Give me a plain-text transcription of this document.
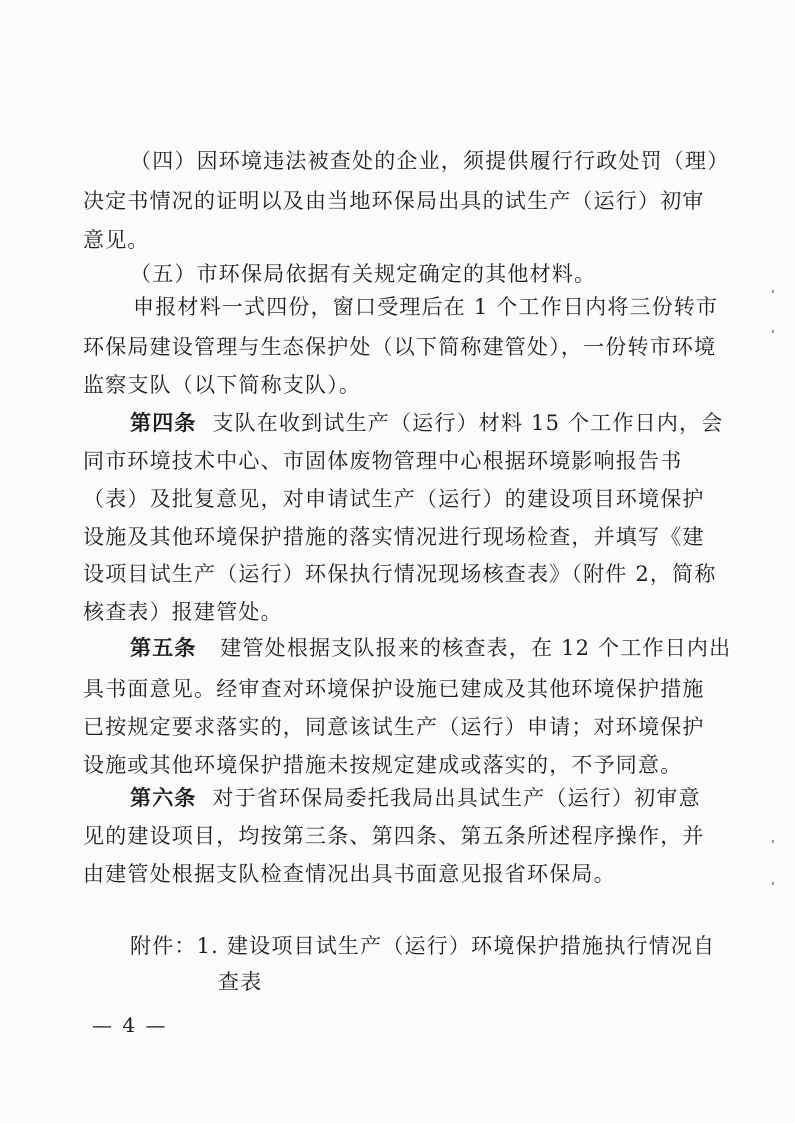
（四）因环境违法被查处的企业，须提供履行行政处罚（理）
决定书情况的证明以及由当地环保局出具的试生产（运行）初审
意见。
（五）市环保局依据有关规定确定的其他材料。
申报材料一式四份，窗口受理后在 1 个工作日内将三份转市
环保局建设管理与生态保护处（以下简称建管处），一份转市环境
监察支队（以下简称支队）。
第四条 支队在收到试生产（运行）材料 15 个工作日内，会
同市环境技术中心、市固体废物管理中心根据环境影响报告书
（表）及批复意见，对申请试生产（运行）的建设项目环境保护
设施及其他环境保护措施的落实情况进行现场检查，并填写《建
设项目试生产（运行）环保执行情况现场核查表》（附件 2，简称
核查表）报建管处。
第五条 建管处根据支队报来的核查表，在 12 个工作日内出
具书面意见。经审查对环境保护设施已建成及其他环境保护措施
已按规定要求落实的，同意该试生产（运行）申请；对环境保护
设施或其他环境保护措施未按规定建成或落实的，不予同意。
第六条 对于省环保局委托我局出具试生产（运行）初审意
见的建设项目，均按第三条、第四条、第五条所述程序操作，并
由建管处根据支队检查情况出具书面意见报省环保局。
附件：1. 建设项目试生产（运行）环境保护措施执行情况自
查表
— 4 —
